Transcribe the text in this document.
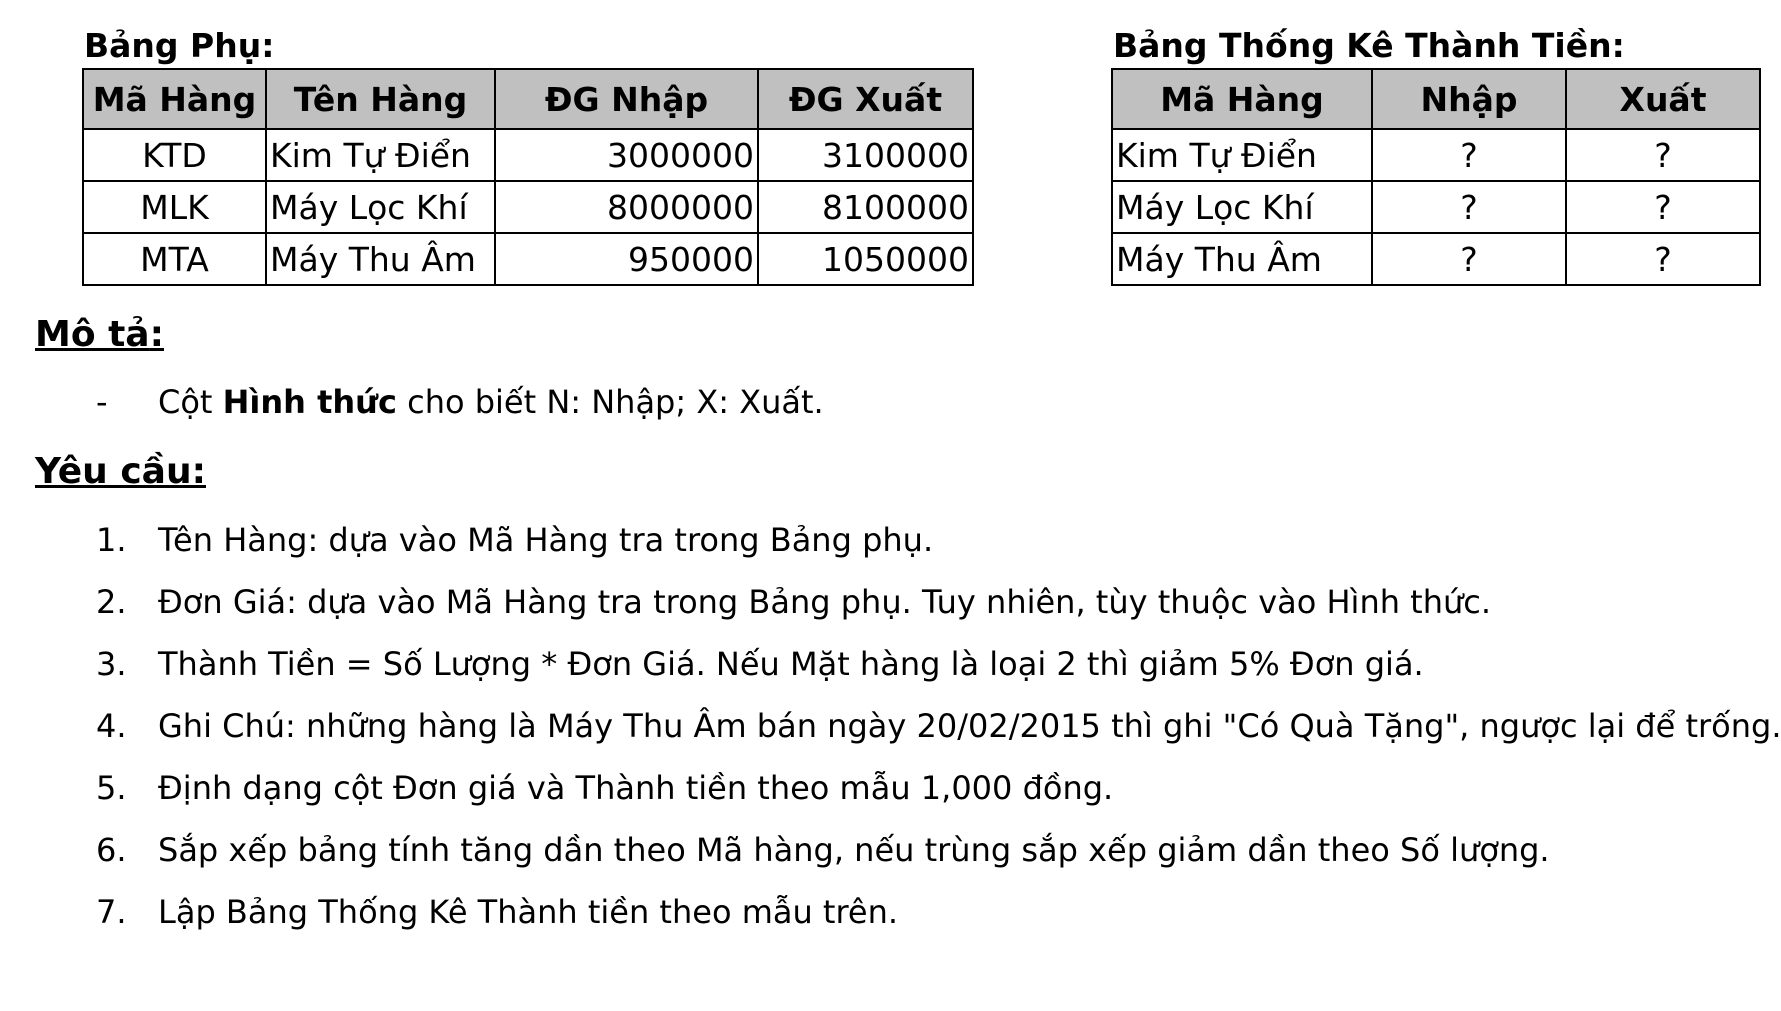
Bảng Phụ:
Mã Hàng	Tên Hàng	ĐG Nhập	ĐG Xuất
KTD	Kim Tự Điển	3000000	3100000
MLK	Máy Lọc Khí	8000000	8100000
MTA	Máy Thu Âm	950000	1050000
Bảng Thống Kê Thành Tiền:
Mã Hàng	Nhập	Xuất
Kim Tự Điển	?	?
Máy Lọc Khí	?	?
Máy Thu Âm	?	?
Mô tả:
- Cột Hình thức cho biết N: Nhập; X: Xuất.
Yêu cầu:
1. Tên Hàng: dựa vào Mã Hàng tra trong Bảng phụ.
2. Đơn Giá: dựa vào Mã Hàng tra trong Bảng phụ. Tuy nhiên, tùy thuộc vào Hình thức.
3. Thành Tiền = Số Lượng * Đơn Giá. Nếu Mặt hàng là loại 2 thì giảm 5% Đơn giá.
4. Ghi Chú: những hàng là Máy Thu Âm bán ngày 20/02/2015 thì ghi "Có Quà Tặng", ngược lại để trống.
5. Định dạng cột Đơn giá và Thành tiền theo mẫu 1,000 đồng.
6. Sắp xếp bảng tính tăng dần theo Mã hàng, nếu trùng sắp xếp giảm dần theo Số lượng.
7. Lập Bảng Thống Kê Thành tiền theo mẫu trên.
